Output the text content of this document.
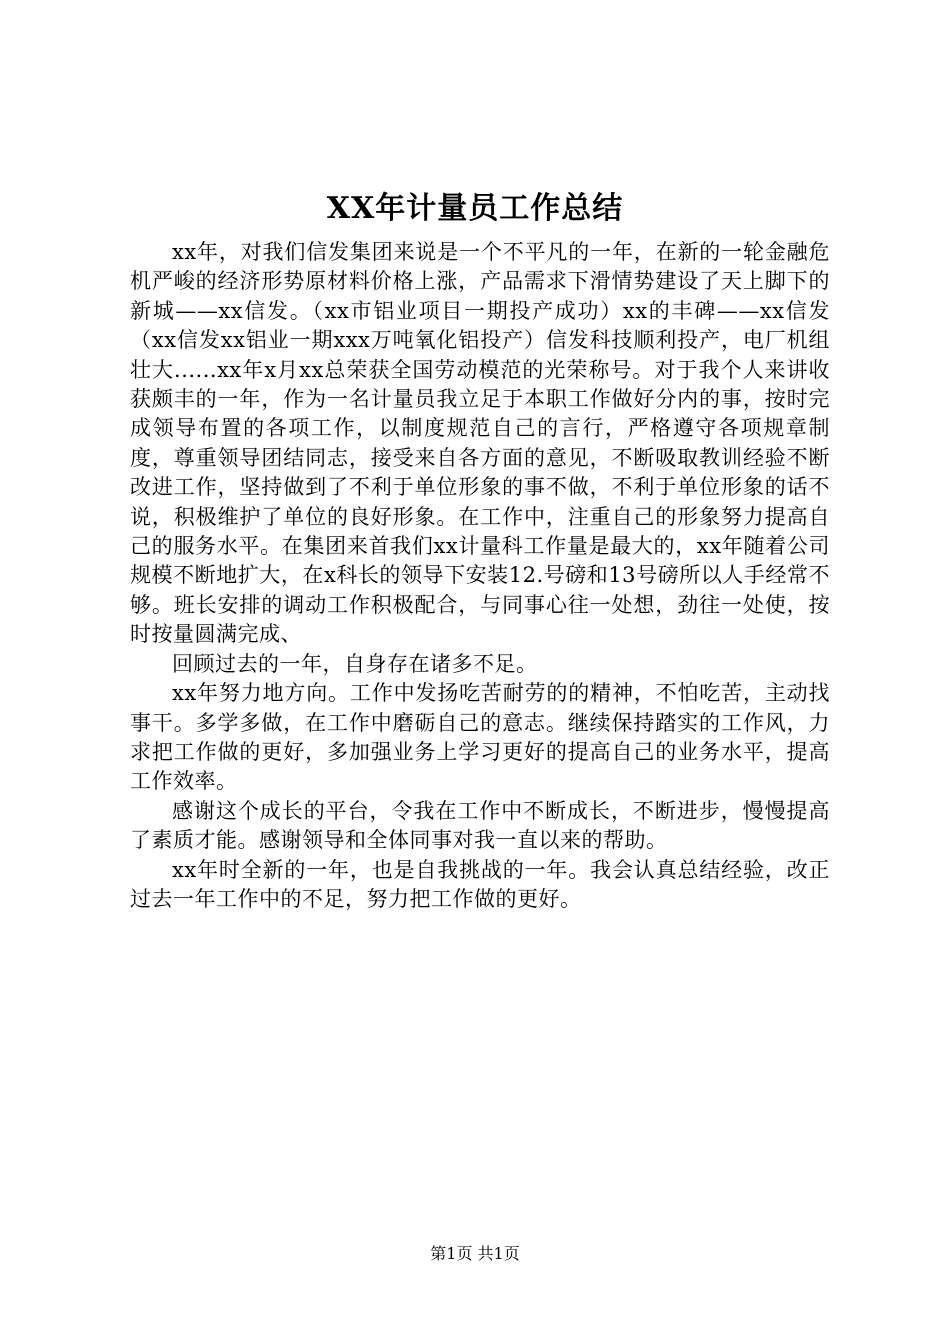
XX年计量员工作总结

xx年，对我们信发集团来说是一个不平凡的一年，在新的一轮金融危机严峻的经济形势原材料价格上涨，产品需求下滑情势建设了天上脚下的新城——xx信发。（xx市铝业项目一期投产成功）xx的丰碑——xx信发（xx信发xx铝业一期xxx万吨氧化铝投产）信发科技顺利投产，电厂机组壮大......xx年x月xx总荣获全国劳动模范的光荣称号。对于我个人来讲收获颇丰的一年，作为一名计量员我立足于本职工作做好分内的事，按时完成领导布置的各项工作，以制度规范自己的言行，严格遵守各项规章制度，尊重领导团结同志，接受来自各方面的意见，不断吸取教训经验不断改进工作，坚持做到了不利于单位形象的事不做，不利于单位形象的话不说，积极维护了单位的良好形象。在工作中，注重自己的形象努力提高自己的服务水平。在集团来首我们xx计量科工作量是最大的，xx年随着公司规模不断地扩大，在x科长的领导下安装12.号磅和13号磅所以人手经常不够。班长安排的调动工作积极配合，与同事心往一处想，劲往一处使，按时按量圆满完成、

回顾过去的一年，自身存在诸多不足。

xx年努力地方向。工作中发扬吃苦耐劳的的精神，不怕吃苦，主动找事干。多学多做，在工作中磨砺自己的意志。继续保持踏实的工作风，力求把工作做的更好，多加强业务上学习更好的提高自己的业务水平，提高工作效率。

感谢这个成长的平台，令我在工作中不断成长，不断进步，慢慢提高了素质才能。感谢领导和全体同事对我一直以来的帮助。

xx年时全新的一年，也是自我挑战的一年。我会认真总结经验，改正过去一年工作中的不足，努力把工作做的更好。

第1页 共1页
